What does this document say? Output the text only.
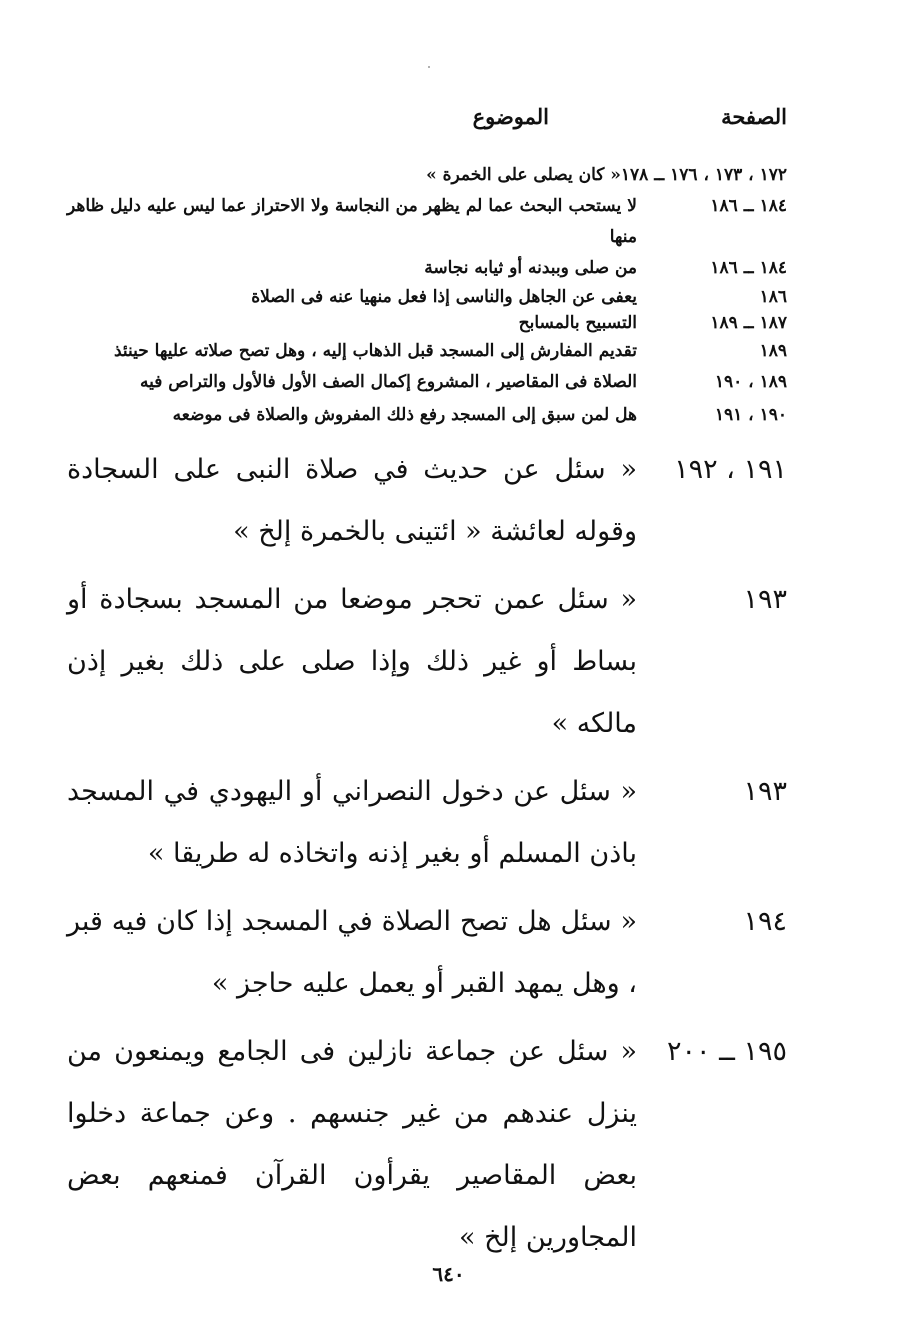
الصفحة
الموضوع
١٧٢ ، ١٧٣ ، ١٧٦ ــ ١٧٨
« كان يصلى على الخمرة »
١٨٤ ــ ١٨٦
لا يستحب البحث عما لم يظهر من النجاسة ولا الاحتراز عما ليس عليه دليل ظاهر منها
١٨٤ ــ ١٨٦
من صلى وببدنه أو ثيابه نجاسة
١٨٦
يعفى عن الجاهل والناسى إذا فعل منهيا عنه فى الصلاة
١٨٧ ــ ١٨٩
التسبيح بالمسابح
١٨٩
تقديم المفارش إلى المسجد قبل الذهاب إليه ، وهل تصح صلاته عليها حينئذ
١٨٩ ، ١٩٠
الصلاة فى المقاصير ، المشروع إكمال الصف الأول فالأول والتراص فيه
١٩٠ ، ١٩١
هل لمن سبق إلى المسجد رفع ذلك المفروش والصلاة فى موضعه
١٩١ ، ١٩٢
« سئل عن حديث في صلاة النبى على السجادة وقوله لعائشة « ائتينى بالخمرة إلخ »
١٩٣
« سئل عمن تحجر موضعا من المسجد بسجادة أو بساط أو غير ذلك وإذا صلى على ذلك بغير إذن مالكه »
١٩٣
« سئل عن دخول النصراني أو اليهودي في المسجد باذن المسلم أو بغير إذنه واتخاذه له طريقا »
١٩٤
« سئل هل تصح الصلاة في المسجد إذا كان فيه قبر ، وهل يمهد القبر أو يعمل عليه حاجز »
١٩٥ ــ ٢٠٠
« سئل عن جماعة نازلين فى الجامع ويمنعون من ينزل عندهم من غير جنسهم . وعن جماعة دخلوا بعض المقاصير يقرأون القرآن فمنعهم بعض المجاورين إلخ »
٦٤٠
